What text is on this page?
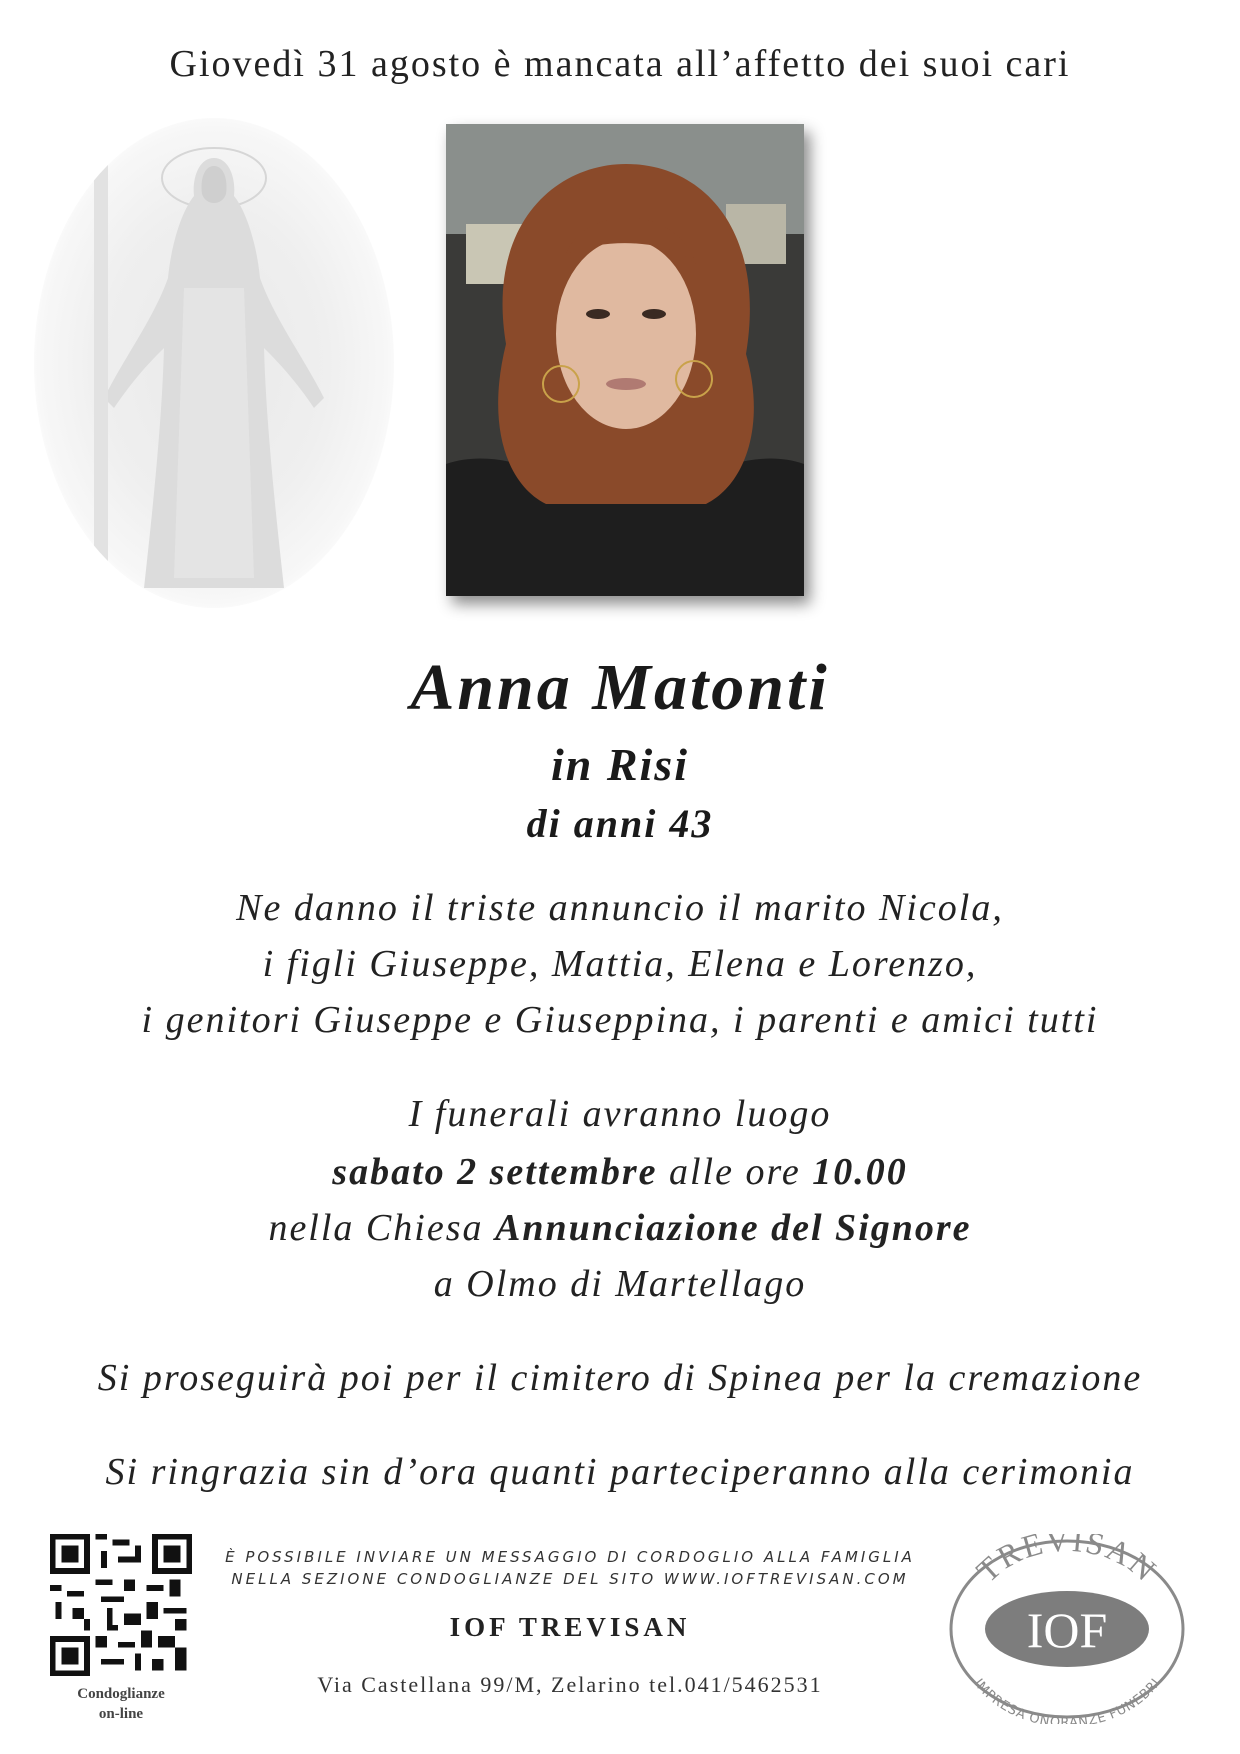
Giovedì 31 agosto è mancata all’affetto dei suoi cari
Anna Matonti
in Risi
di anni 43
Ne danno il triste annuncio il marito Nicola,
i figli Giuseppe, Mattia, Elena e Lorenzo,
i genitori Giuseppe e Giuseppina, i parenti e amici tutti
I funerali avranno luogo
sabato 2 settembre alle ore 10.00
nella Chiesa Annunciazione del Signore
a Olmo di Martellago
Si proseguirà poi per il cimitero di Spinea per la cremazione
Si ringrazia sin d’ora quanti parteciperanno alla cerimonia
Condoglianze
on-line
È POSSIBILE INVIARE UN MESSAGGIO DI CORDOGLIO ALLA FAMIGLIA
NELLA SEZIONE CONDOGLIANZE DEL SITO WWW.IOFTREVISAN.COM
IOF TREVISAN
Via Castellana 99/M, Zelarino tel.041/5462531
IOF
TREVISAN
IMPRESA ONORANZE FUNEBRI
